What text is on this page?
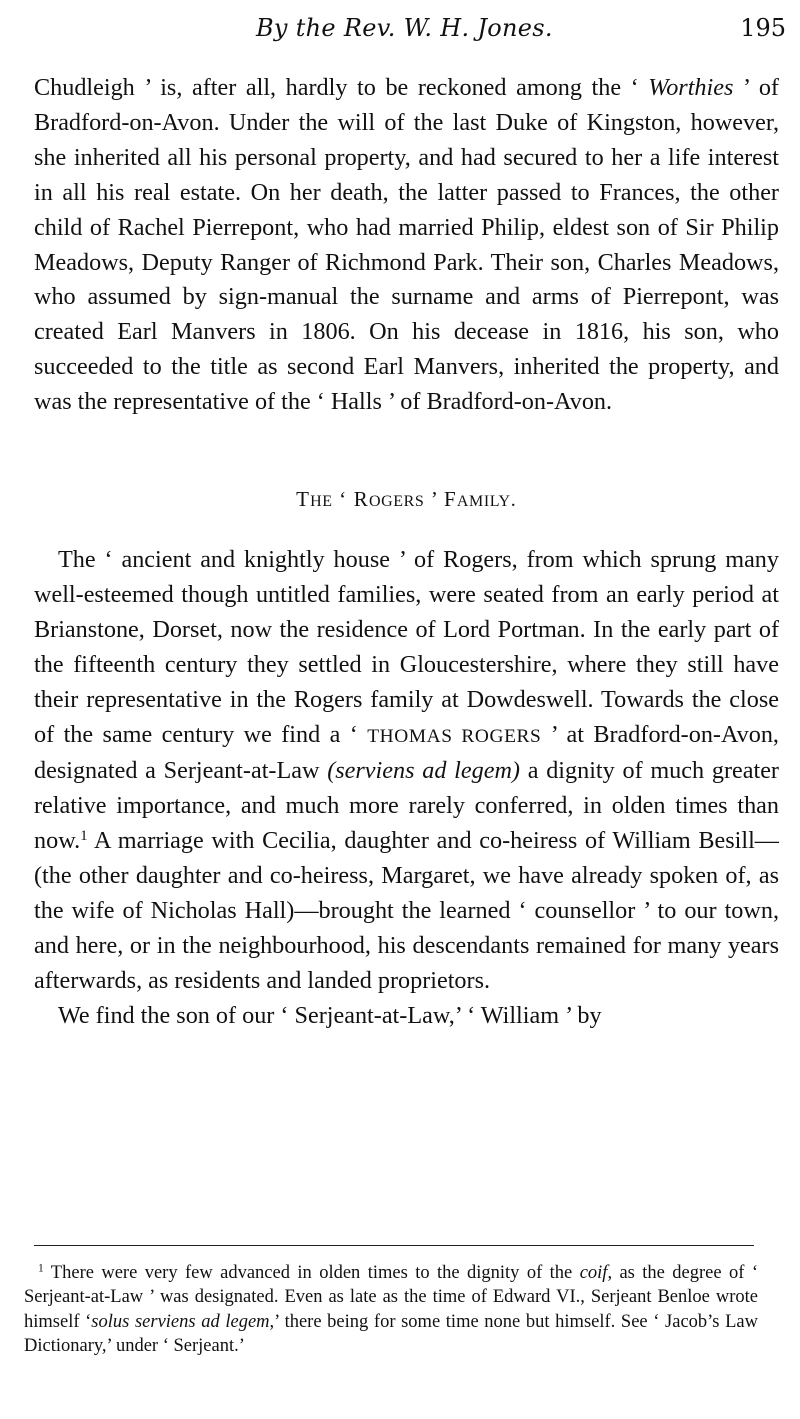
By the Rev. W. H. Jones.	195

Chudleigh ’ is, after all, hardly to be reckoned among the ‘ Worthies ’ of Bradford-on-Avon. Under the will of the last Duke of Kingston, however, she inherited all his personal property, and had secured to her a life interest in all his real estate. On her death, the latter passed to Frances, the other child of Rachel Pierrepont, who had married Philip, eldest son of Sir Philip Meadows, Deputy Ranger of Richmond Park. Their son, Charles Meadows, who assumed by sign-manual the surname and arms of Pierrepont, was created Earl Manvers in 1806. On his decease in 1816, his son, who succeeded to the title as second Earl Manvers, inherited the property, and was the representative of the ‘ Halls ’ of Bradford-on-Avon.

THE ‘ ROGERS ’ FAMILY.

The ‘ ancient and knightly house ’ of Rogers, from which sprung many well-esteemed though untitled families, were seated from an early period at Brianstone, Dorset, now the residence of Lord Portman. In the early part of the fifteenth century they settled in Gloucestershire, where they still have their representative in the Rogers family at Dowdeswell. Towards the close of the same century we find a ‘ THOMAS ROGERS ’ at Bradford-on-Avon, designated a Serjeant-at-Law (serviens ad legem) a dignity of much greater relative importance, and much more rarely conferred, in olden times than now.$^1$ A marriage with Cecilia, daughter and co-heiress of William Besill—(the other daughter and co-heiress, Margaret, we have already spoken of, as the wife of Nicholas Hall)—brought the learned ‘ counsellor ’ to our town, and here, or in the neighbourhood, his descendants remained for many years afterwards, as residents and landed proprietors.

We find the son of our ‘ Serjeant-at-Law,’ ‘ William ’ by

$^1$ There were very few advanced in olden times to the dignity of the coif, as the degree of ‘ Serjeant-at-Law ’ was designated. Even as late as the time of Edward VI., Serjeant Benloe wrote himself ‘solus serviens ad legem,’ there being for some time none but himself. See ‘ Jacob’s Law Dictionary,’ under ‘ Serjeant.’
